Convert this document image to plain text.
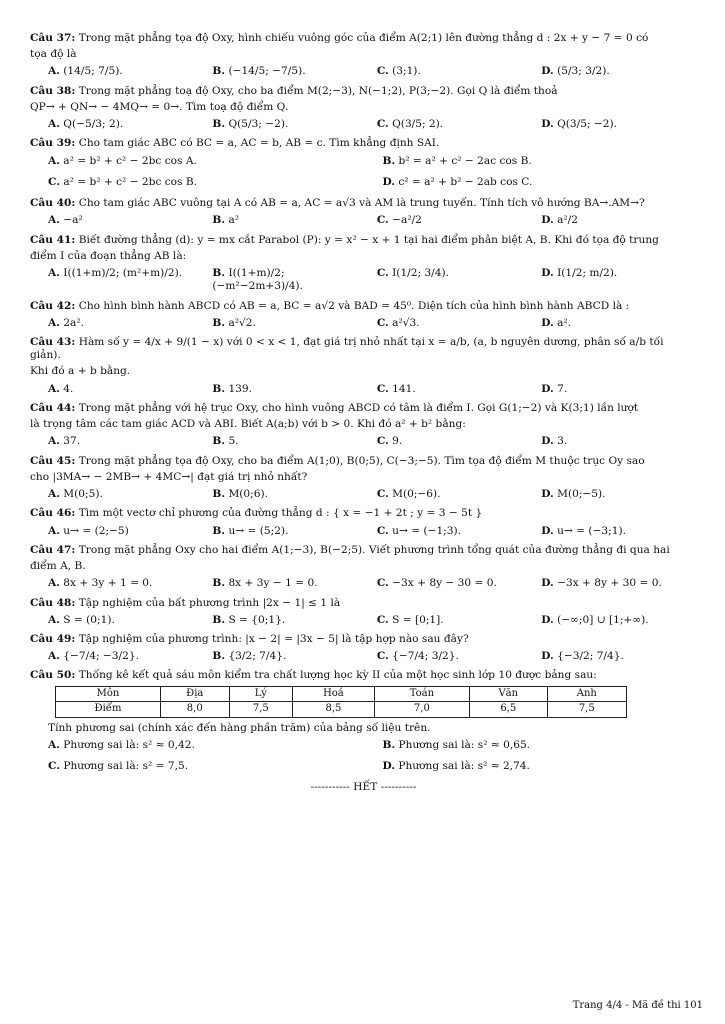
Câu 37: Trong mặt phẳng tọa độ Oxy, hình chiếu vuông góc của điểm A(2;1) lên đường thẳng d : 2x + y − 7 = 0 có
tọa độ là
A. (14/5; 7/5).	B. (−14/5; −7/5).	C. (3;1).	D. (5/3; 3/2).
Câu 38: Trong mặt phẳng toạ độ Oxy, cho ba điểm M(2;−3), N(−1;2), P(3;−2). Gọi Q là điểm thoả
QP→ + QN→ − 4MQ→ = 0→. Tìm toạ độ điểm Q.
A. Q(−5/3; 2).	B. Q(5/3; −2).	C. Q(3/5; 2).	D. Q(3/5; −2).
Câu 39: Cho tam giác ABC có BC = a, AC = b, AB = c. Tìm khẳng định SAI.
A. a² = b² + c² − 2bc cos A.	B. b² = a² + c² − 2ac cos B.
C. a² = b² + c² − 2bc cos B.	D. c² = a² + b² − 2ab cos C.
Câu 40: Cho tam giác ABC vuông tại A có AB = a, AC = a√3 và AM là trung tuyến. Tính tích vô hướng BA→.AM→?
A. −a²	B. a²	C. −a²/2	D. a²/2
Câu 41: Biết đường thẳng (d): y = mx cắt Parabol (P): y = x² − x + 1 tại hai điểm phân biệt A, B. Khi đó tọa độ trung
điểm I của đoạn thẳng AB là:
A. I((1+m)/2; (m²+m)/2).	B. I((1+m)/2; (−m²−2m+3)/4).
C. I(1/2; 3/4).	D. I(1/2; m/2).
Câu 42: Cho hình bình hành ABCD có AB = a, BC = a√2 và BAD = 45⁰. Diện tích của hình bình hành ABCD là :
A. 2a².	B. a²√2.	C. a²√3.	D. a².
Câu 43: Hàm số y = 4/x + 9/(1 − x) với 0 < x < 1, đạt giá trị nhỏ nhất tại x = a/b, (a, b nguyên dương, phân số a/b tối giản).
Khi đó a + b bằng.
A. 4.	B. 139.	C. 141.	D. 7.
Câu 44: Trong mặt phẳng với hệ trục Oxy, cho hình vuông ABCD có tâm là điểm I. Gọi G(1;−2) và K(3;1) lần lượt
là trọng tâm các tam giác ACD và ABI. Biết A(a;b) với b > 0. Khi đó a² + b² bằng:
A. 37.	B. 5.	C. 9.	D. 3.
Câu 45: Trong mặt phẳng tọa độ Oxy, cho ba điểm A(1;0), B(0;5), C(−3;−5). Tìm tọa độ điểm M thuộc trục Oy sao
cho |3MA→ − 2MB→ + 4MC→| đạt giá trị nhỏ nhất?
A. M(0;5).	B. M(0;6).	C. M(0;−6).	D. M(0;−5).
Câu 46: Tìm một vectơ chỉ phương của đường thẳng d : { x = −1 + 2t ; y = 3 − 5t }
A. u→ = (2;−5)	B. u→ = (5;2).	C. u→ = (−1;3).	D. u→ = (−3;1).
Câu 47: Trong mặt phẳng Oxy cho hai điểm A(1;−3), B(−2;5). Viết phương trình tổng quát của đường thẳng đi qua hai
điểm A, B.
A. 8x + 3y + 1 = 0.	B. 8x + 3y − 1 = 0.	C. −3x + 8y − 30 = 0.	D. −3x + 8y + 30 = 0.
Câu 48: Tập nghiệm của bất phương trình |2x − 1| ≤ 1 là
A. S = (0;1).	B. S = {0;1}.	C. S = [0;1].	D. (−∞;0] ∪ [1;+∞).
Câu 49: Tập nghiệm của phương trình: |x − 2| = |3x − 5| là tập hợp nào sau đây?
A. {−7/4; −3/2}.	B. {3/2; 7/4}.	C. {−7/4; 3/2}.	D. {−3/2; 7/4}.
Câu 50: Thống kê kết quả sáu môn kiểm tra chất lượng học kỳ II của một học sinh lớp 10 được bảng sau:
Môn	Địa	Lý	Hoá	Toán	Văn	Anh
Điểm	8,0	7,5	8,5	7,0	6,5	7,5
Tính phương sai (chính xác đến hàng phần trăm) của bảng số liệu trên.
A. Phương sai là: s² ≈ 0,42.	B. Phương sai là: s² ≈ 0,65.
C. Phương sai là: s² = 7,5.	D. Phương sai là: s² ≈ 2,74.
----------- HẾT ----------
Trang 4/4 - Mã đề thi 101
